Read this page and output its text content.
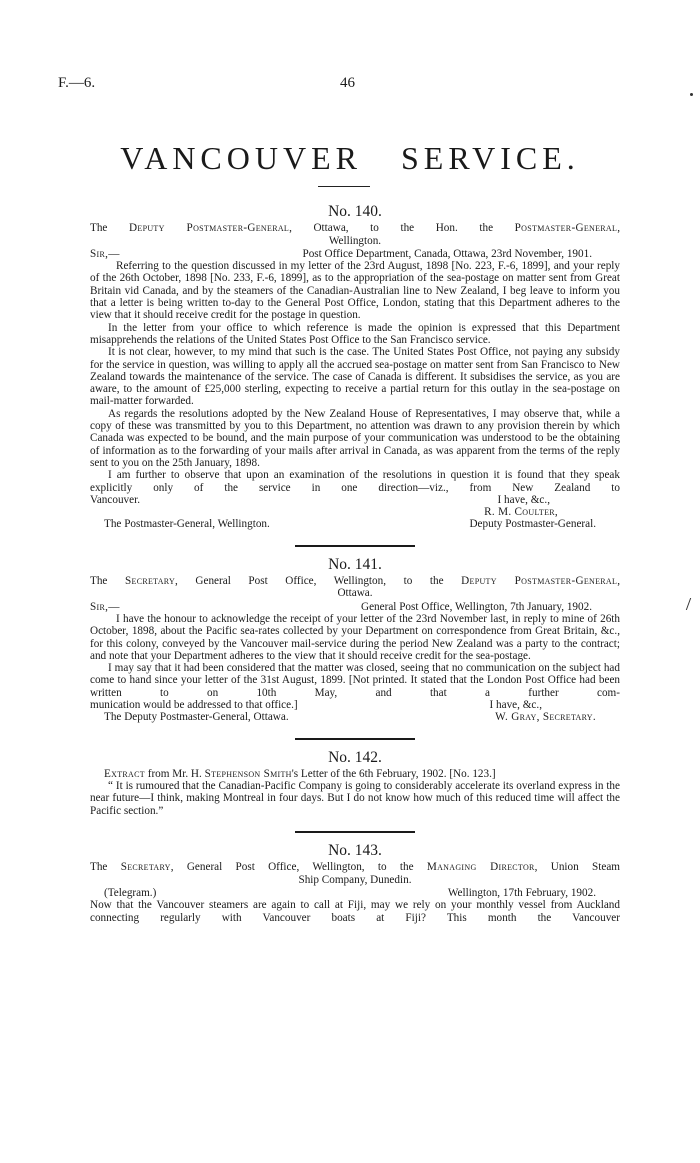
F.—6.	46
VANCOUVER SERVICE.
No. 140.
The Deputy Postmaster-General, Ottawa, to the Hon. the Postmaster-General,
Wellington.
Sir,—	Post Office Department, Canada, Ottawa, 23rd November, 1901.

Referring to the question discussed in my letter of the 23rd August, 1898 [No. 223, F.-6, 1899], and your reply of the 26th October, 1898 [No. 233, F.-6, 1899], as to the appropriation of the sea-postage on matter sent from Great Britain vid Canada, and by the steamers of the Canadian-Australian line to New Zealand, I beg leave to inform you that a letter is being written to-day to the General Post Office, London, stating that this Department adheres to the view that it should receive credit for the postage in question.

In the letter from your office to which reference is made the opinion is expressed that this Department misapprehends the relations of the United States Post Office to the San Francisco service.

It is not clear, however, to my mind that such is the case. The United States Post Office, not paying any subsidy for the service in question, was willing to apply all the accrued sea-postage on matter sent from San Francisco to New Zealand towards the maintenance of the service. The case of Canada is different. It subsidises the service, as you are aware, to the amount of £25,000 sterling, expecting to receive a partial return for this outlay in the sea-postage on mail-matter forwarded.

As regards the resolutions adopted by the New Zealand House of Representatives, I may observe that, while a copy of these was transmitted by you to this Department, no attention was drawn to any provision therein by which Canada was expected to be bound, and the main purpose of your communication was understood to be the obtaining of information as to the forwarding of your mails after arrival in Canada, as was apparent from the terms of the reply sent to you on the 25th January, 1898.

I am further to observe that upon an examination of the resolutions in question it is found that they speak explicitly only of the service in one direction—viz., from New Zealand to

Vancouver.	I have, &c.,
R. M. Coulter,
The Postmaster-General, Wellington.	Deputy Postmaster-General.
No. 141.
The Secretary, General Post Office, Wellington, to the Deputy Postmaster-General,
Ottawa.
Sir,—	General Post Office, Wellington, 7th January, 1902.

I have the honour to acknowledge the receipt of your letter of the 23rd November last, in reply to mine of 26th October, 1898, about the Pacific sea-rates collected by your Department on correspondence from Great Britain, &c., for this colony, conveyed by the Vancouver mail-service during the period New Zealand was a party to the contract; and note that your Department adheres to the view that it should receive credit for the sea-postage.

I may say that it had been considered that the matter was closed, seeing that no communication on the subject had come to hand since your letter of the 31st August, 1899. [Not printed. It stated that the London Post Office had been written to on 10th May, and that a further com-

munication would be addressed to that office.]	I have, &c.,
The Deputy Postmaster-General, Ottawa.	W. Gray, Secretary.
No. 142.
Extract from Mr. H. Stephenson Smith's Letter of the 6th February, 1902. [No. 123.]

“ It is rumoured that the Canadian-Pacific Company is going to considerably accelerate its overland express in the near future—I think, making Montreal in four days. But I do not know how much of this reduced time will affect the Pacific section.”

No. 143.
The Secretary, General Post Office, Wellington, to the Managing Director, Union Steam
Ship Company, Dunedin.
(Telegram.)	Wellington, 17th February, 1902.

Now that the Vancouver steamers are again to call at Fiji, may we rely on your monthly vessel from Auckland connecting regularly with Vancouver boats at Fiji? This month the Vancouver
